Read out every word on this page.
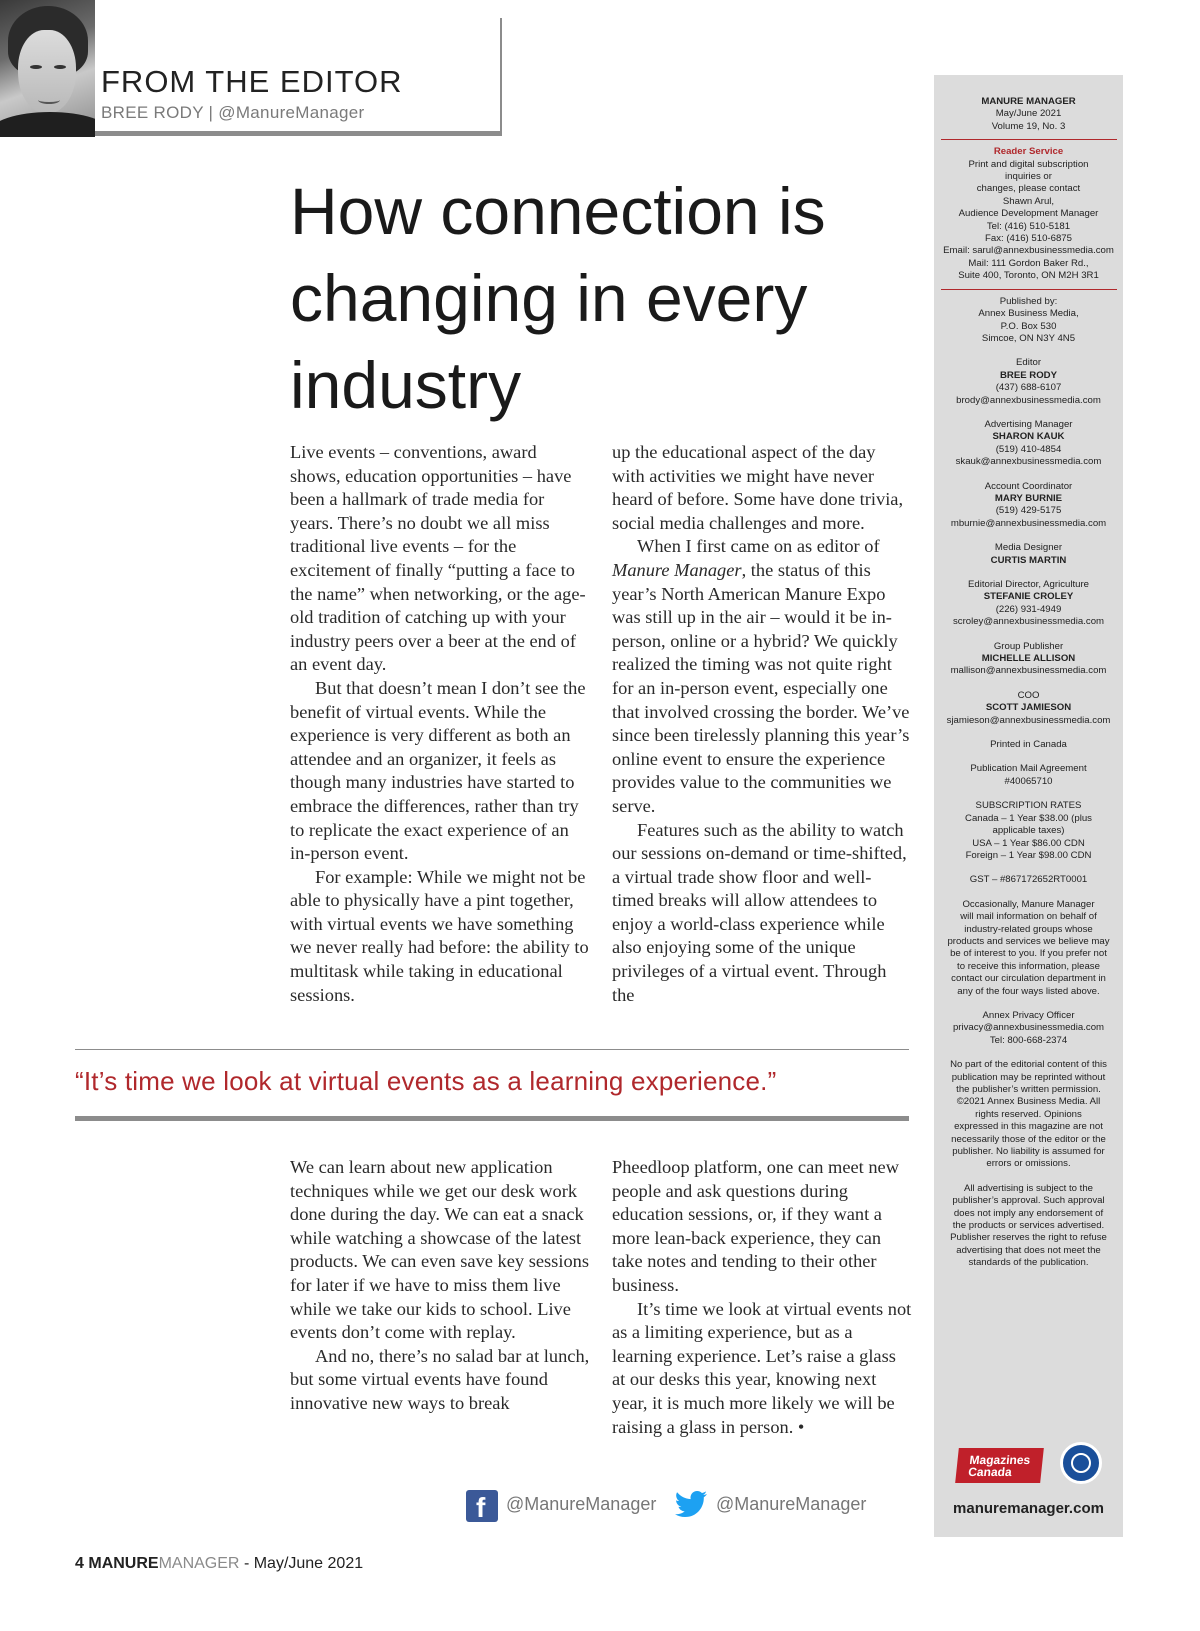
FROM THE EDITOR
BREE RODY | @ManureManager
How connection is changing in every industry

Live events – conventions, award shows, education opportunities – have been a hallmark of trade media for years. There’s no doubt we all miss traditional live events – for the excitement of finally “putting a face to the name” when networking, or the age-old tradition of catching up with your industry peers over a beer at the end of an event day.

But that doesn’t mean I don’t see the benefit of virtual events. While the experience is very different as both an attendee and an organizer, it feels as though many industries have started to embrace the differences, rather than try to replicate the exact experience of an in-person event.

For example: While we might not be able to physically have a pint together, with virtual events we have something we never really had before: the ability to multitask while taking in educational sessions.

up the educational aspect of the day with activities we might have never heard of before. Some have done trivia, social media challenges and more.

When I first came on as editor of Manure Manager, the status of this year’s North American Manure Expo was still up in the air – would it be in-person, online or a hybrid? We quickly realized the timing was not quite right for an in-person event, especially one that involved crossing the border. We’ve since been tirelessly planning this year’s online event to ensure the experience provides value to the communities we serve.

Features such as the ability to watch our sessions on-demand or time-shifted, a virtual trade show floor and well-timed breaks will allow attendees to enjoy a world-class experience while also enjoying some of the unique privileges of a virtual event. Through the

“It’s time we look at virtual events as a learning experience.”

We can learn about new application techniques while we get our desk work done during the day. We can eat a snack while watching a showcase of the latest products. We can even save key sessions for later if we have to miss them live while we take our kids to school. Live events don’t come with replay.

And no, there’s no salad bar at lunch, but some virtual events have found innovative new ways to break

Pheedloop platform, one can meet new people and ask questions during education sessions, or, if they want a more lean-back experience, they can take notes and tending to their other business.

It’s time we look at virtual events not as a limiting experience, but as a learning experience. Let’s raise a glass at our desks this year, knowing next year, it is much more likely we will be raising a glass in person. •

MANURE MANAGER
May/June 2021
Volume 19, No. 3
Reader Service
Print and digital subscription
inquiries or
changes, please contact
Shawn Arul,
Audience Development Manager
Tel: (416) 510-5181
Fax: (416) 510-6875
Email: sarul@annexbusinessmedia.com
Mail: 111 Gordon Baker Rd.,
Suite 400, Toronto, ON M2H 3R1
Published by:
Annex Business Media,
P.O. Box 530
Simcoe, ON N3Y 4N5
Editor
BREE RODY
(437) 688-6107
brody@annexbusinessmedia.com
Advertising Manager
SHARON KAUK
(519) 410-4854
skauk@annexbusinessmedia.com
Account Coordinator
MARY BURNIE
(519) 429-5175
mburnie@annexbusinessmedia.com
Media Designer
CURTIS MARTIN
Editorial Director, Agriculture
STEFANIE CROLEY
(226) 931-4949
scroley@annexbusinessmedia.com
Group Publisher
MICHELLE ALLISON
mallison@annexbusinessmedia.com
COO
SCOTT JAMIESON
sjamieson@annexbusinessmedia.com
Printed in Canada
Publication Mail Agreement
#40065710
SUBSCRIPTION RATES
Canada – 1 Year $38.00 (plus
applicable taxes)
USA – 1 Year $86.00 CDN
Foreign – 1 Year $98.00 CDN
GST – #867172652RT0001
Occasionally, Manure Manager
will mail information on behalf of
industry-related groups whose
products and services we believe may
be of interest to you. If you prefer not
to receive this information, please
contact our circulation department in
any of the four ways listed above.
Annex Privacy Officer
privacy@annexbusinessmedia.com
Tel: 800-668-2374
No part of the editorial content of this
publication may be reprinted without
the publisher’s written permission.
©2021 Annex Business Media. All
rights reserved. Opinions
expressed in this magazine are not
necessarily those of the editor or the
publisher. No liability is assumed for
errors or omissions.
All advertising is subject to the
publisher’s approval. Such approval
does not imply any endorsement of
the products or services advertised.
Publisher reserves the right to refuse
advertising that does not meet the
standards of the publication.
Magazines Canada
manuremanager.com
f @ManureManager	@ManureManager
4 MANUREMANAGER - May/June 2021
